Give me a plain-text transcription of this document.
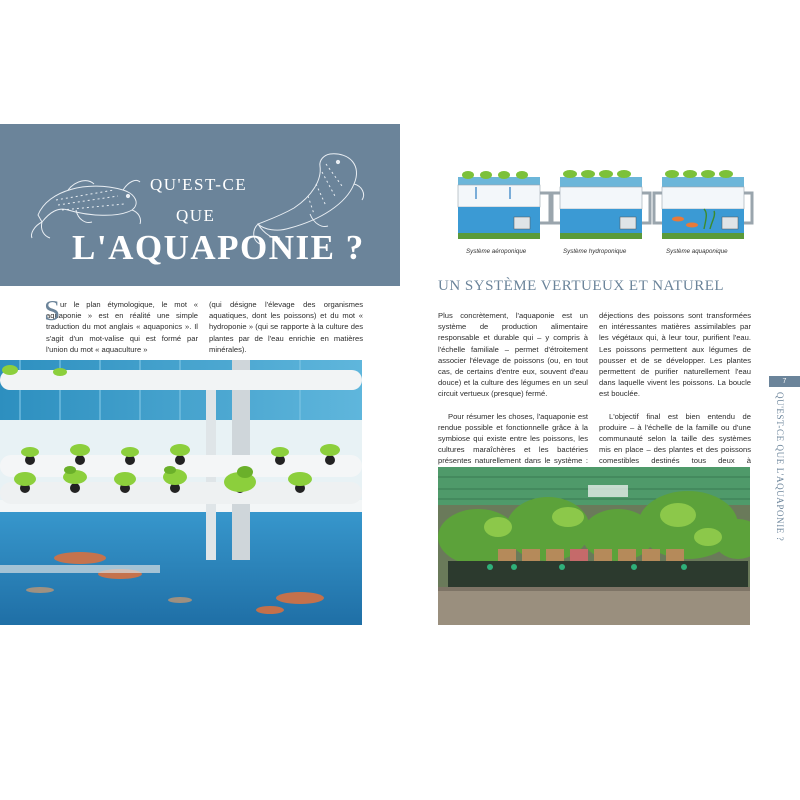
QU'EST-CE
QUE
L'AQUAPONIE ?
S ur le plan étymologique, le mot « aquaponie » est en réalité une simple traduction du mot anglais « aquaponics ». Il s'agit d'un mot-valise qui est formé par l'union du mot « aquaculture »

(qui désigne l'élevage des organismes aquatiques, dont les poissons) et du mot « hydroponie » (qui se rapporte à la culture des plantes par de l'eau enrichie en matières minérales).

Système aéroponique	Système hydroponique	Système aquaponique
UN SYSTÈME VERTUEUX ET NATUREL

Plus concrètement, l'aquaponie est un système de production alimentaire responsable et durable qui – y compris à l'échelle familiale – permet d'étroitement associer l'élevage de poissons (ou, en tout cas, de certains d'entre eux, souvent d'eau douce) et la culture des légumes en un seul circuit vertueux (presque) fermé.

Pour résumer les choses, l'aquaponie est rendue possible et fonctionnelle grâce à la symbiose qui existe entre les poissons, les cultures maraîchères et les bactéries présentes naturellement dans le système :

déjections des poissons sont transformées en intéressantes matières assimilables par les végétaux qui, à leur tour, purifient l'eau. Les poissons permettent aux légumes de pousser et de se développer. Les plantes permettent de purifier naturellement l'eau dans laquelle vivent les poissons. La boucle est bouclée.

L'objectif final est bien entendu de produire – à l'échelle de la famille ou d'une communauté selon la taille des systèmes mis en place – des plantes et des poissons comestibles destinés tous deux à

7
QU'EST-CE QUE L'AQUAPONIE ?
